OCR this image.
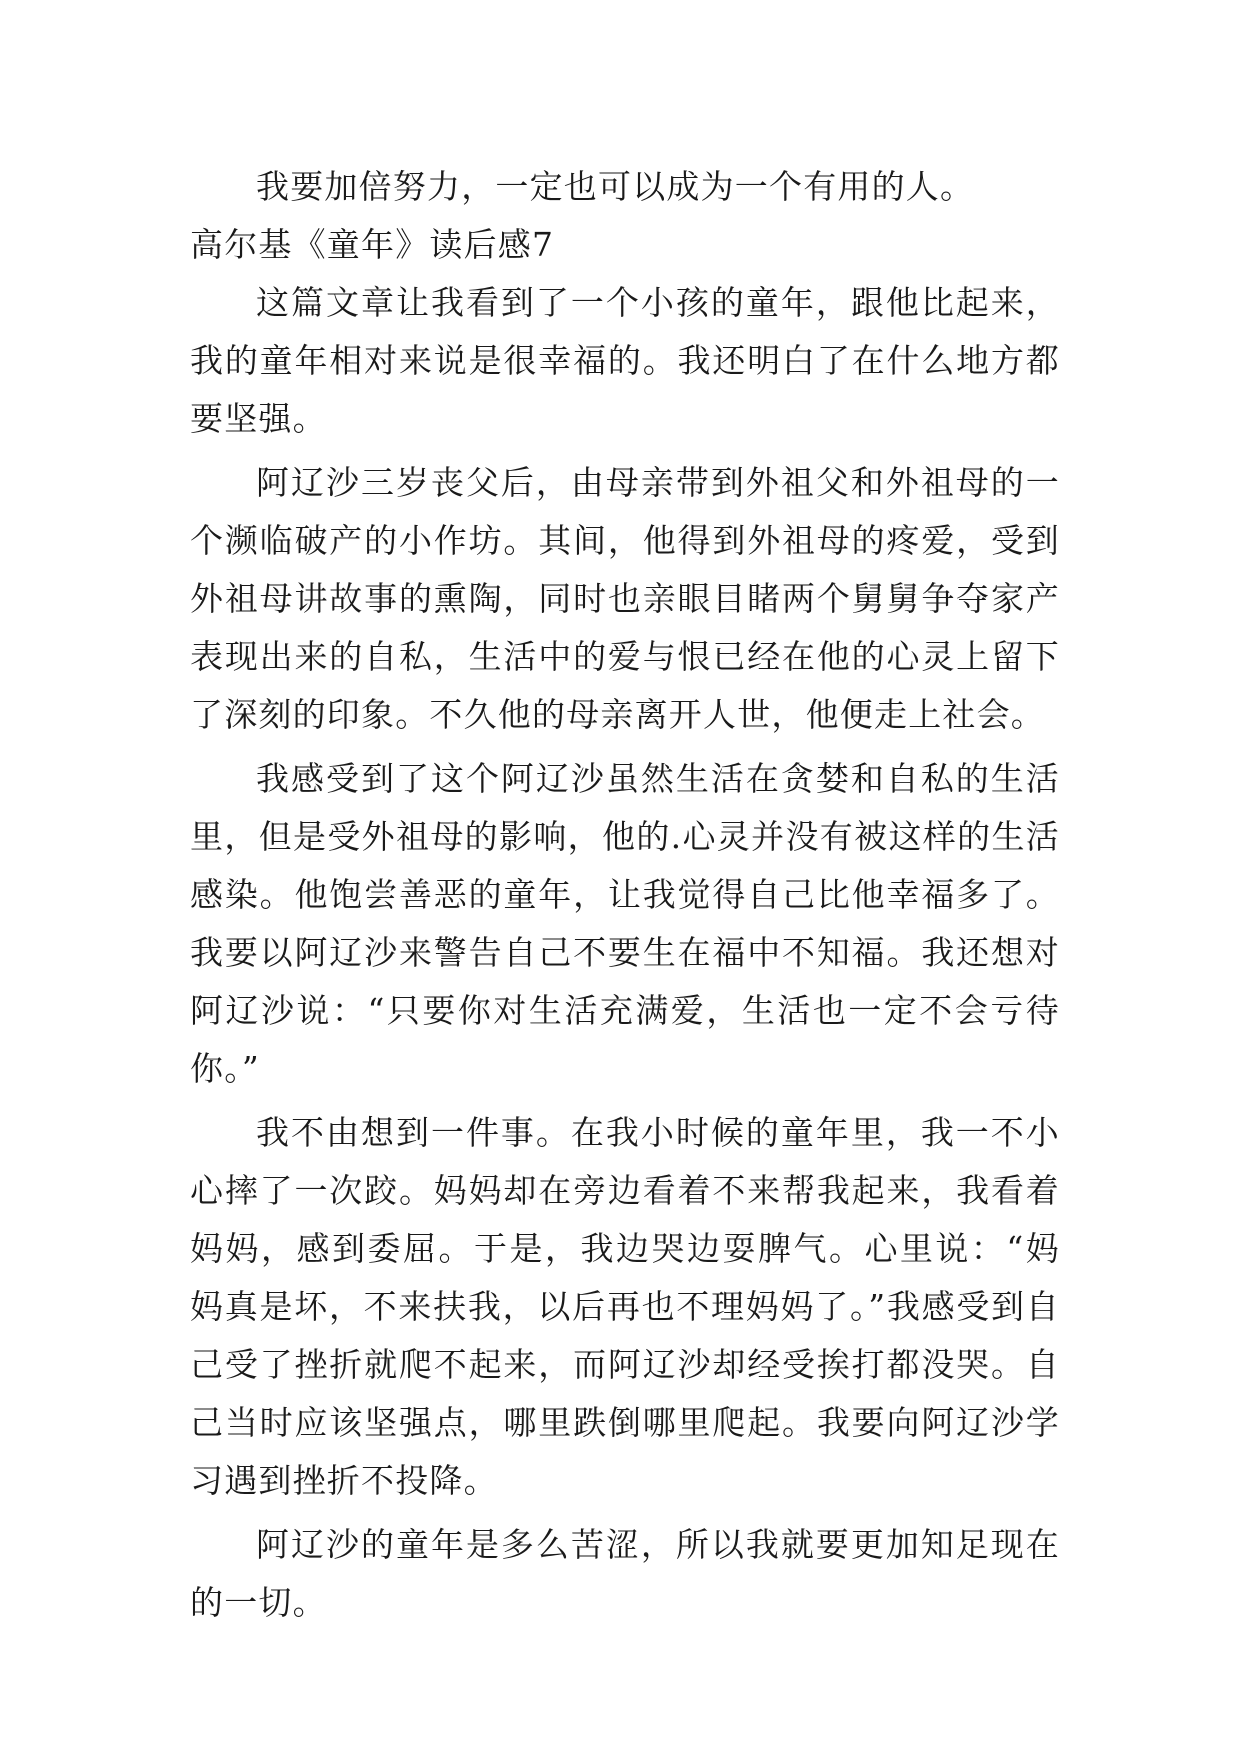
我要加倍努力，一定也可以成为一个有用的人。

高尔基《童年》读后感7

这篇文章让我看到了一个小孩的童年，跟他比起来，我的童年相对来说是很幸福的。我还明白了在什么地方都要坚强。

阿辽沙三岁丧父后，由母亲带到外祖父和外祖母的一个濒临破产的小作坊。其间，他得到外祖母的疼爱，受到外祖母讲故事的熏陶，同时也亲眼目睹两个舅舅争夺家产表现出来的自私，生活中的爱与恨已经在他的心灵上留下了深刻的印象。不久他的母亲离开人世，他便走上社会。

我感受到了这个阿辽沙虽然生活在贪婪和自私的生活里，但是受外祖母的影响，他的.心灵并没有被这样的生活感染。他饱尝善恶的童年，让我觉得自己比他幸福多了。我要以阿辽沙来警告自己不要生在福中不知福。我还想对阿辽沙说：“只要你对生活充满爱，生活也一定不会亏待你。”

我不由想到一件事。在我小时候的童年里，我一不小心摔了一次跤。妈妈却在旁边看着不来帮我起来，我看着妈妈，感到委屈。于是，我边哭边耍脾气。心里说：“妈妈真是坏，不来扶我，以后再也不理妈妈了。”我感受到自己受了挫折就爬不起来，而阿辽沙却经受挨打都没哭。自己当时应该坚强点，哪里跌倒哪里爬起。我要向阿辽沙学习遇到挫折不投降。

阿辽沙的童年是多么苦涩，所以我就要更加知足现在的一切。
